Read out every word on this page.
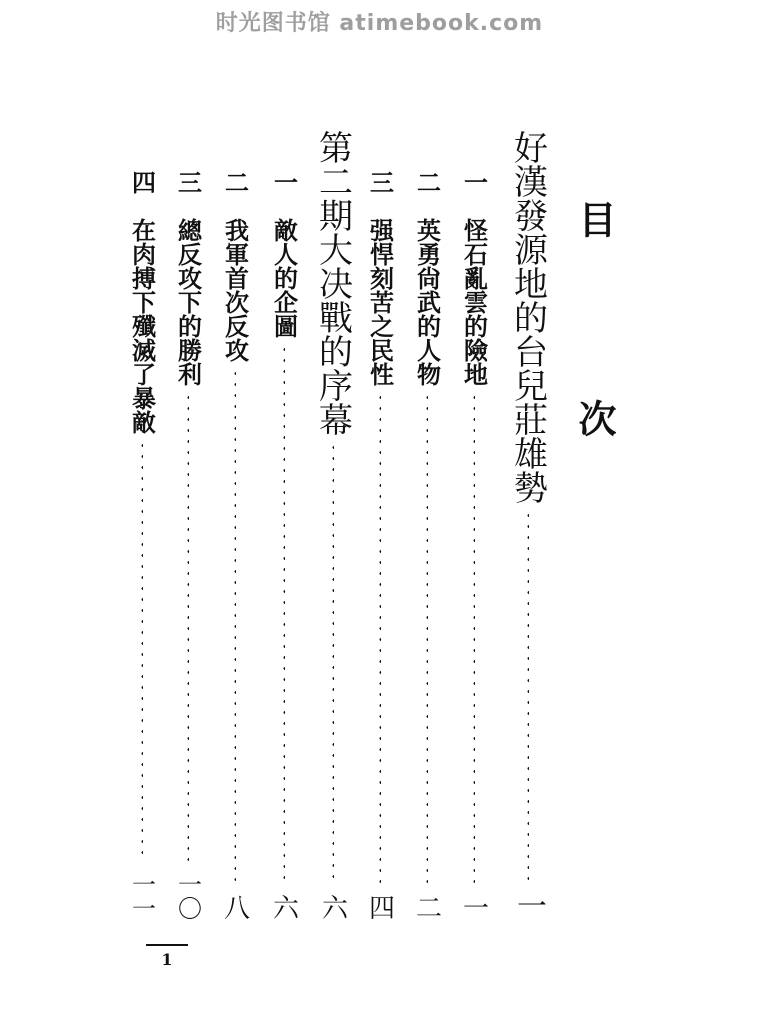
时光图书馆 atimebook.com
目 次
好漢發源地的台兒莊雄勢
一
一　怪石亂雲的險地
一
二　英勇尙武的人物
二
三　强悍刻苦之民性
四
第二期大决戰的序幕
六
一　敵人的企圖
六
二　我軍首次反攻
八
三　總反攻下的勝利
一〇
四　在肉搏下殲滅了暴敵
一一
1
